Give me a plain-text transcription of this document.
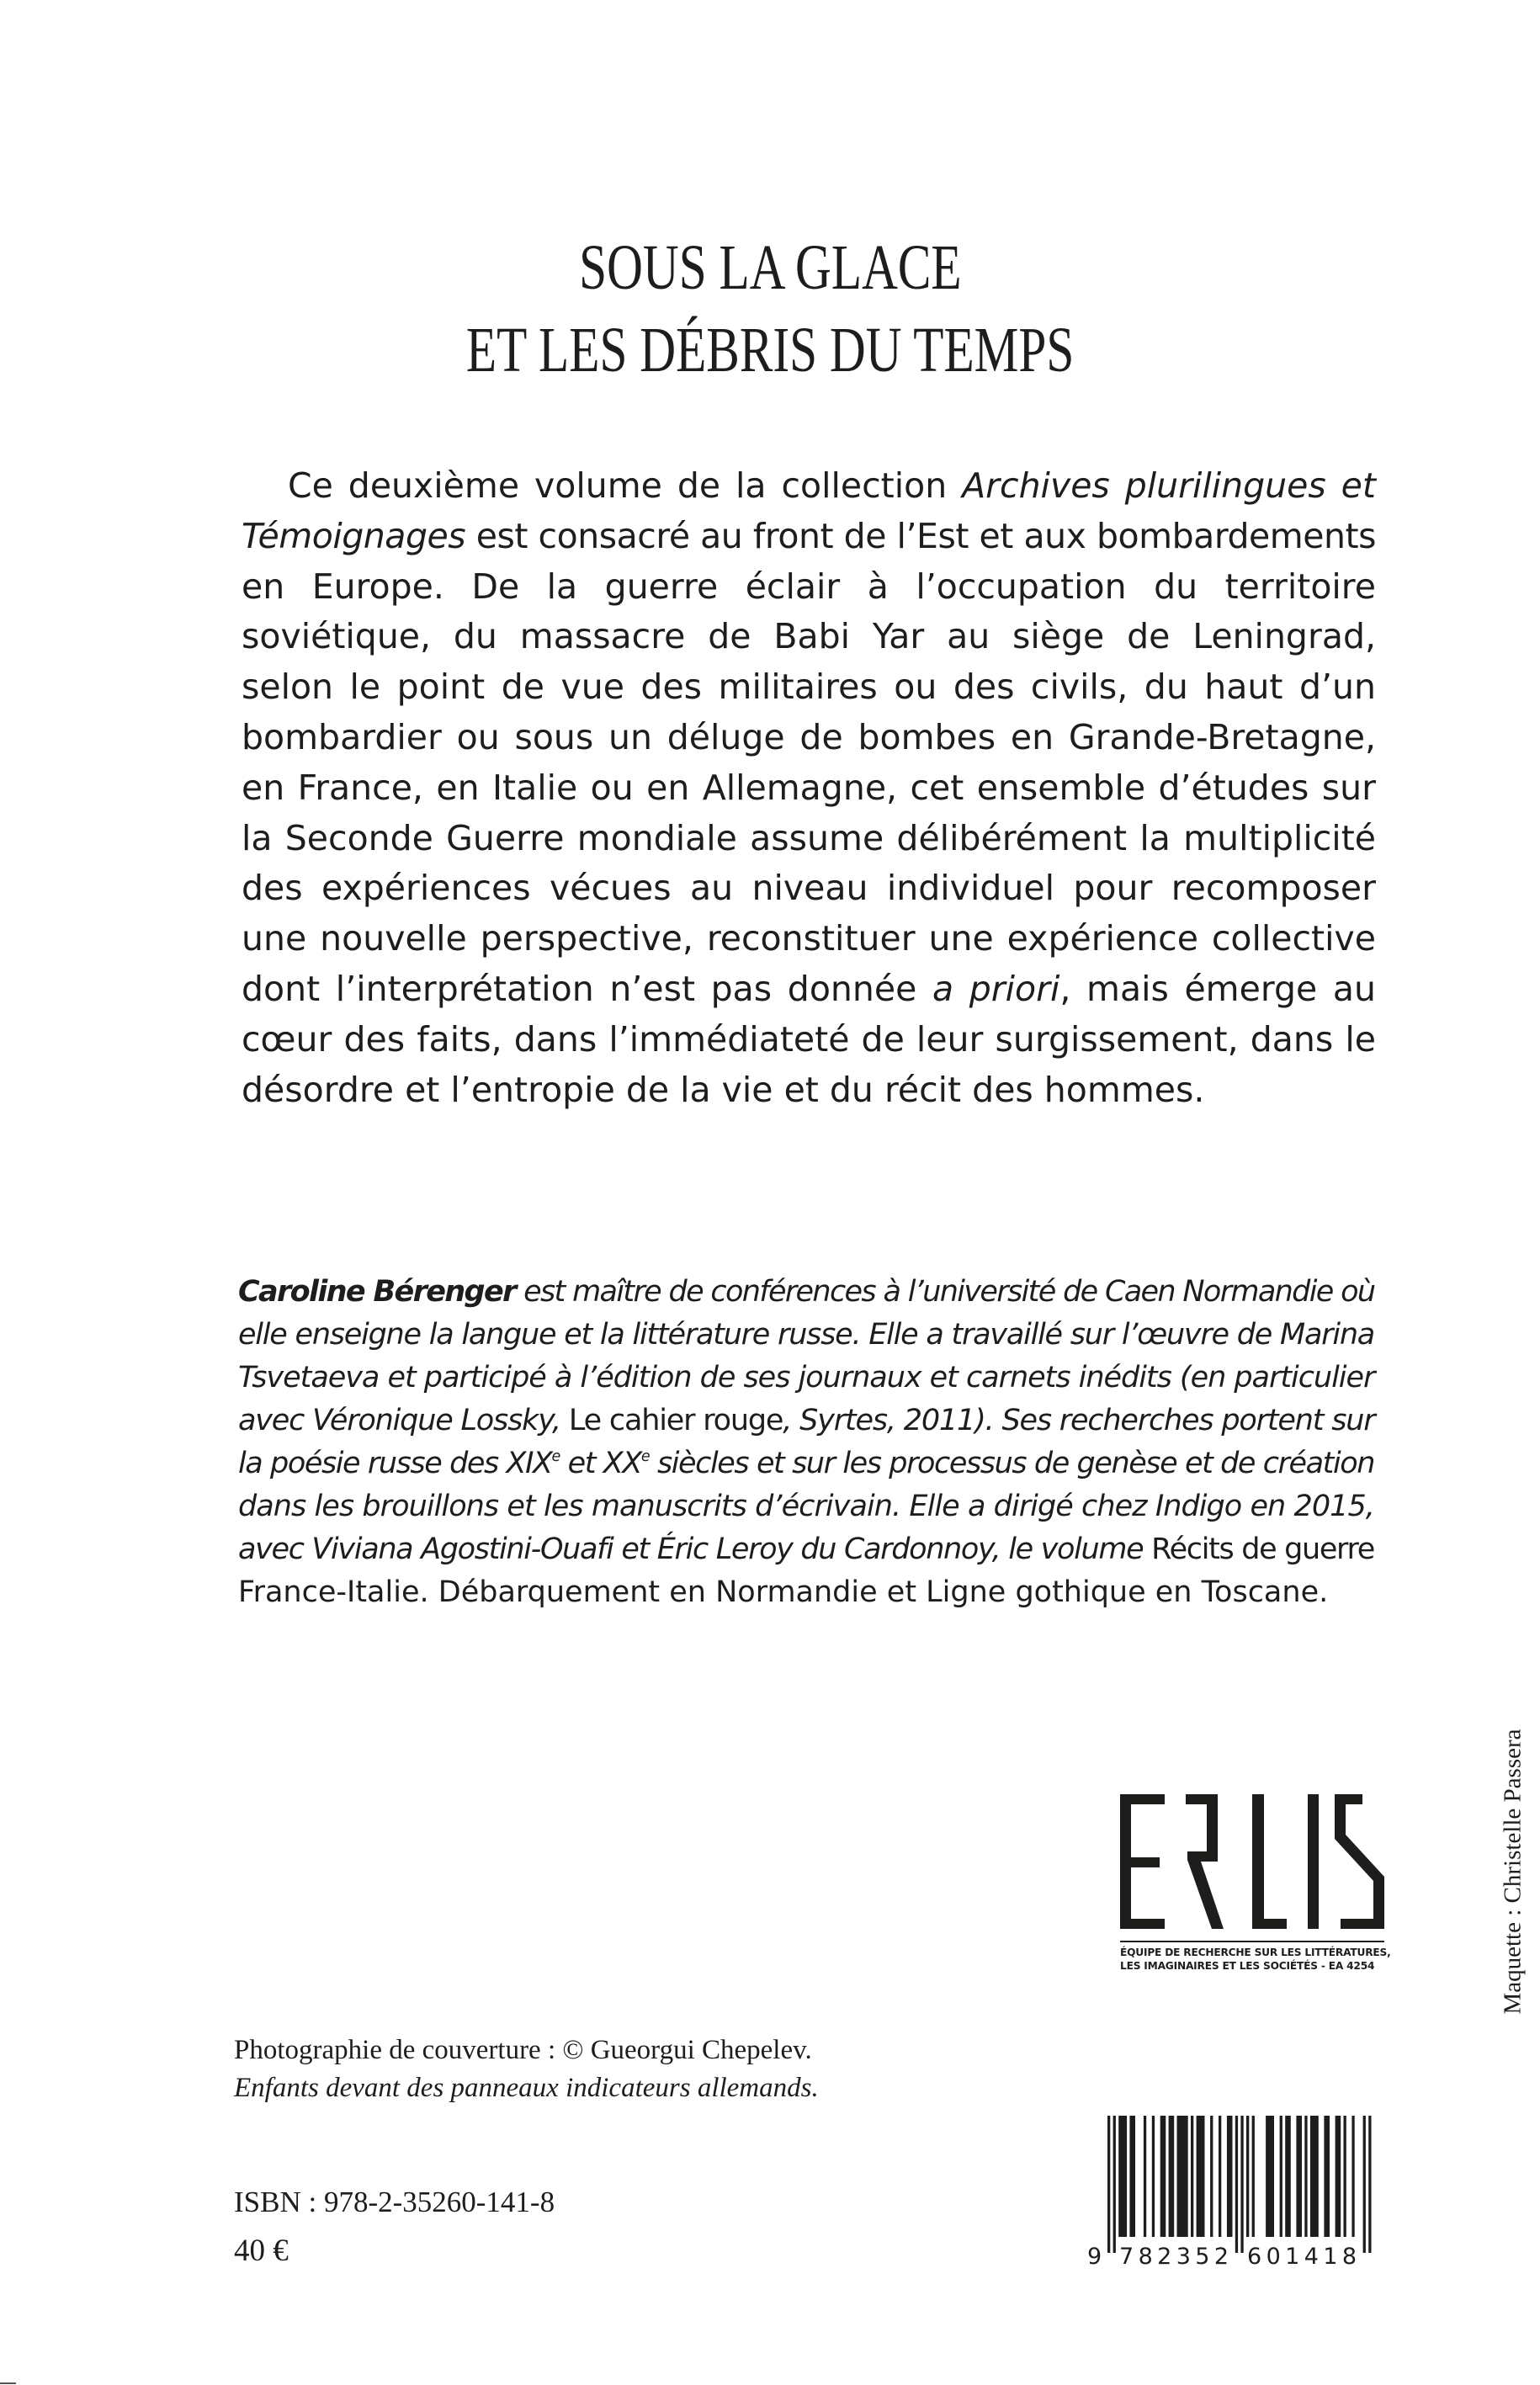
SOUS LA GLACE
ET LES DÉBRIS DU TEMPS
Ce deuxième volume de la collection Archives plurilingues et
Témoignages est consacré au front de l’Est et aux bombardements
en Europe. De la guerre éclair à l’occupation du territoire
soviétique, du massacre de Babi Yar au siège de Leningrad,
selon le point de vue des militaires ou des civils, du haut d’un
bombardier ou sous un déluge de bombes en Grande-Bretagne,
en France, en Italie ou en Allemagne, cet ensemble d’études sur
la Seconde Guerre mondiale assume délibérément la multiplicité
des expériences vécues au niveau individuel pour recomposer
une nouvelle perspective, reconstituer une expérience collective
dont l’interprétation n’est pas donnée a priori, mais émerge au
cœur des faits, dans l’immédiateté de leur surgissement, dans le
désordre et l’entropie de la vie et du récit des hommes.
Caroline Bérenger est maître de conférences à l’université de Caen Normandie où
elle enseigne la langue et la littérature russe. Elle a travaillé sur l’œuvre de Marina
Tsvetaeva et participé à l’édition de ses journaux et carnets inédits (en particulier
avec Véronique Lossky, Le cahier rouge, Syrtes, 2011). Ses recherches portent sur
la poésie russe des XIXe et XXe siècles et sur les processus de genèse et de création
dans les brouillons et les manuscrits d’écrivain. Elle a dirigé chez Indigo en 2015,
avec Viviana Agostini-Ouafi et Éric Leroy du Cardonnoy, le volume Récits de guerre
France-Italie. Débarquement en Normandie et Ligne gothique en Toscane.
ÉQUIPE DE RECHERCHE SUR LES LITTÉRATURES,
LES IMAGINAIRES ET LES SOCIÉTÉS - EA 4254	Maquette : Christelle Passera
Photographie de couverture : © Gueorgui Chepelev.
Enfants devant des panneaux indicateurs allemands.
ISBN : 978-2-35260-141-8
40 €	9 782352 601418
